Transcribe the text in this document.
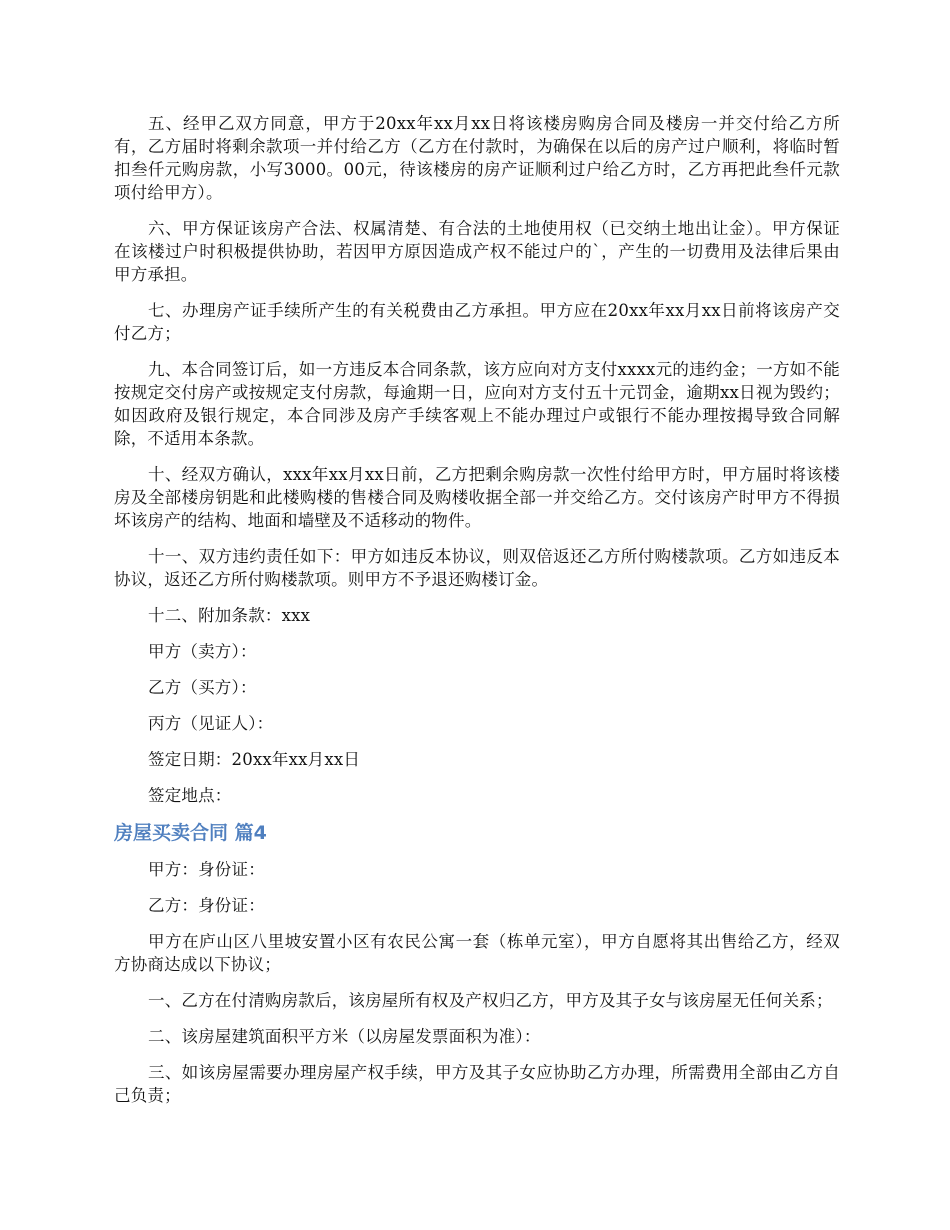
五、经甲乙双方同意，甲方于20xx年xx月xx日将该楼房购房合同及楼房一并交付给乙方所有，乙方届时将剩余款项一并付给乙方（乙方在付款时，为确保在以后的房产过户顺利，将临时暂扣叁仟元购房款，小写3000。00元，待该楼房的房产证顺利过户给乙方时，乙方再把此叁仟元款项付给甲方）。

六、甲方保证该房产合法、权属清楚、有合法的土地使用权（已交纳土地出让金）。甲方保证在该楼过户时积极提供协助，若因甲方原因造成产权不能过户的`，产生的一切费用及法律后果由甲方承担。

七、办理房产证手续所产生的有关税费由乙方承担。甲方应在20xx年xx月xx日前将该房产交付乙方；

九、本合同签订后，如一方违反本合同条款，该方应向对方支付xxxx元的违约金；一方如不能按规定交付房产或按规定支付房款，每逾期一日，应向对方支付五十元罚金，逾期xx日视为毁约；如因政府及银行规定，本合同涉及房产手续客观上不能办理过户或银行不能办理按揭导致合同解除，不适用本条款。

十、经双方确认，xxx年xx月xx日前，乙方把剩余购房款一次性付给甲方时，甲方届时将该楼房及全部楼房钥匙和此楼购楼的售楼合同及购楼收据全部一并交给乙方。交付该房产时甲方不得损坏该房产的结构、地面和墙壁及不适移动的物件。

十一、双方违约责任如下：甲方如违反本协议，则双倍返还乙方所付购楼款项。乙方如违反本协议，返还乙方所付购楼款项。则甲方不予退还购楼订金。

十二、附加条款：xxx

甲方（卖方）：

乙方（买方）：

丙方（见证人）：

签定日期：20xx年xx月xx日

签定地点：

房屋买卖合同 篇4

甲方：身份证：

乙方：身份证：

甲方在庐山区八里坡安置小区有农民公寓一套（栋单元室），甲方自愿将其出售给乙方，经双方协商达成以下协议；

一、乙方在付清购房款后，该房屋所有权及产权归乙方，甲方及其子女与该房屋无任何关系；

二、该房屋建筑面积平方米（以房屋发票面积为准）：

三、如该房屋需要办理房屋产权手续，甲方及其子女应协助乙方办理，所需费用全部由乙方自己负责；
